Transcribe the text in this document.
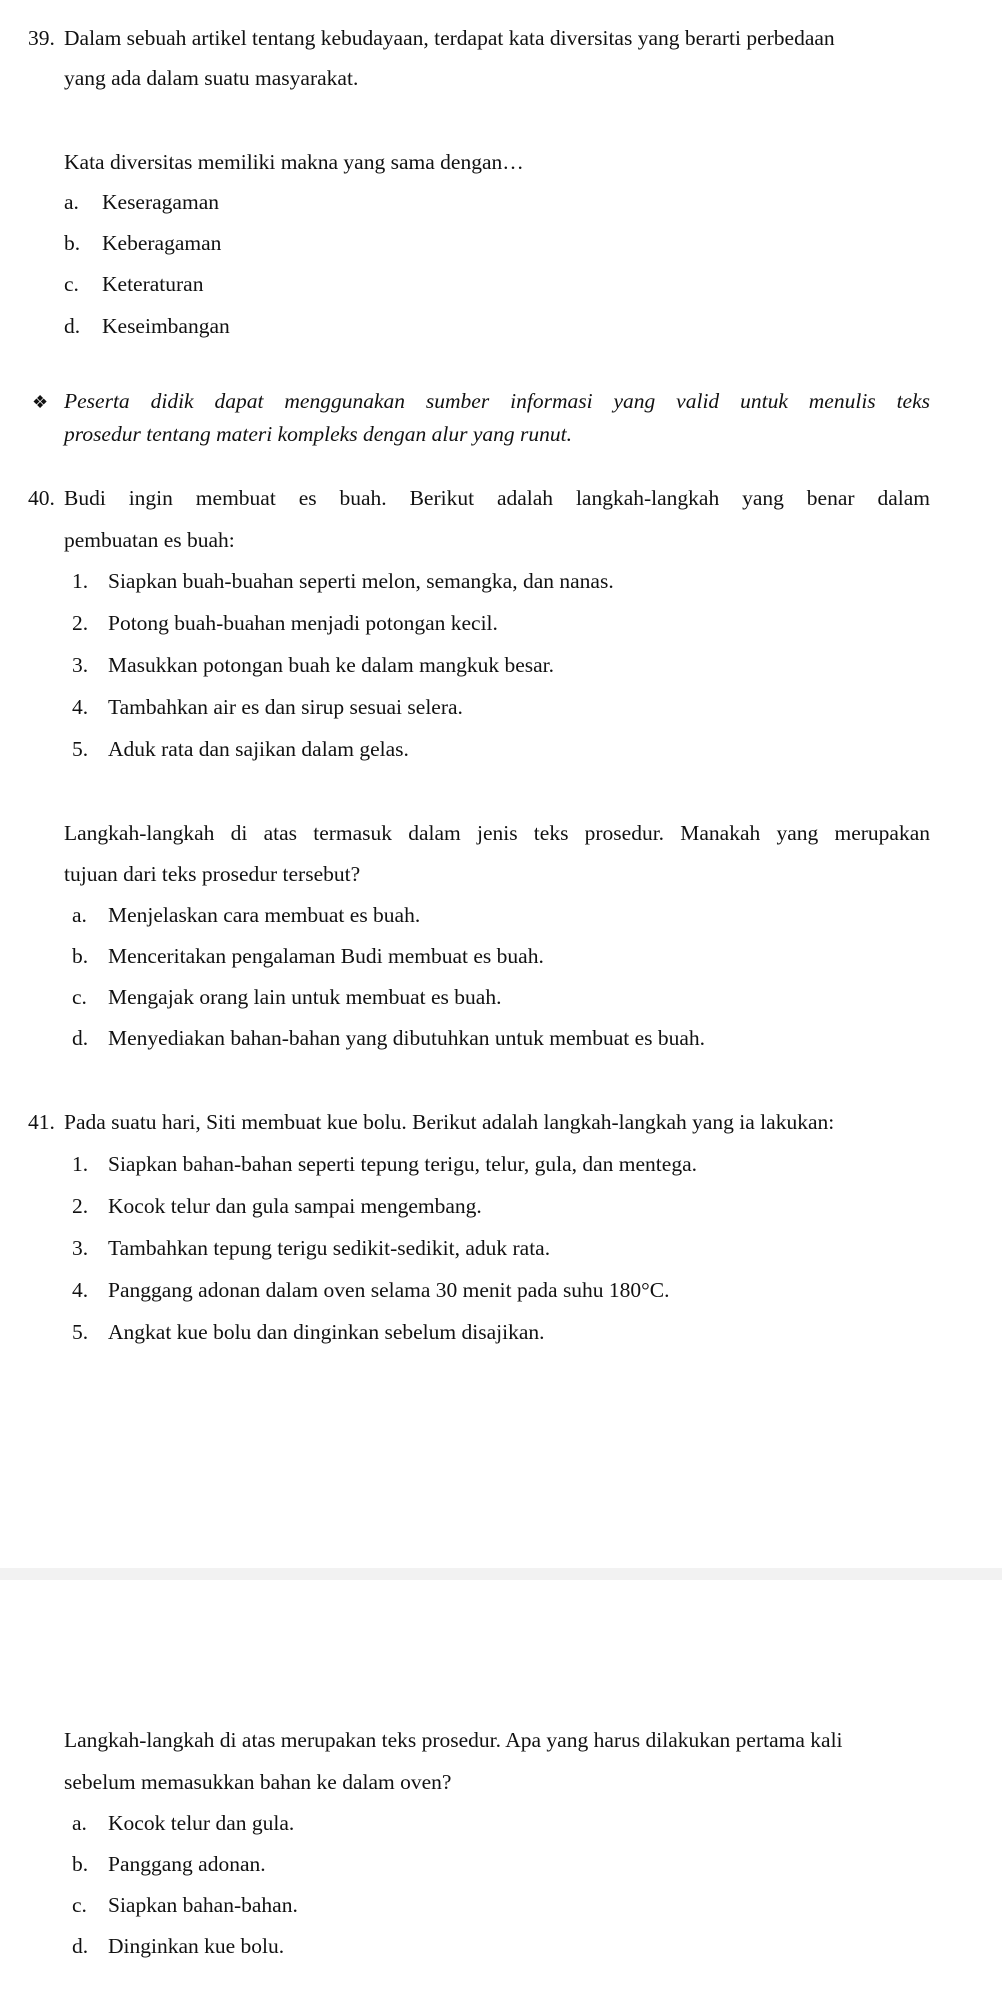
39. Dalam sebuah artikel tentang kebudayaan, terdapat kata diversitas yang berarti perbedaan
yang ada dalam suatu masyarakat.
Kata diversitas memiliki makna yang sama dengan…
a. Keseragaman
b. Keberagaman
c. Keteraturan
d. Keseimbangan
❖ Peserta didik dapat menggunakan sumber informasi yang valid untuk menulis teks
prosedur tentang materi kompleks dengan alur yang runut.
40. Budi ingin membuat es buah. Berikut adalah langkah-langkah yang benar dalam
pembuatan es buah:
1. Siapkan buah-buahan seperti melon, semangka, dan nanas.
2. Potong buah-buahan menjadi potongan kecil.
3. Masukkan potongan buah ke dalam mangkuk besar.
4. Tambahkan air es dan sirup sesuai selera.
5. Aduk rata dan sajikan dalam gelas.
Langkah-langkah di atas termasuk dalam jenis teks prosedur. Manakah yang merupakan
tujuan dari teks prosedur tersebut?
a. Menjelaskan cara membuat es buah.
b. Menceritakan pengalaman Budi membuat es buah.
c. Mengajak orang lain untuk membuat es buah.
d. Menyediakan bahan-bahan yang dibutuhkan untuk membuat es buah.
41. Pada suatu hari, Siti membuat kue bolu. Berikut adalah langkah-langkah yang ia lakukan:
1. Siapkan bahan-bahan seperti tepung terigu, telur, gula, dan mentega.
2. Kocok telur dan gula sampai mengembang.
3. Tambahkan tepung terigu sedikit-sedikit, aduk rata.
4. Panggang adonan dalam oven selama 30 menit pada suhu 180°C.
5. Angkat kue bolu dan dinginkan sebelum disajikan.
Langkah-langkah di atas merupakan teks prosedur. Apa yang harus dilakukan pertama kali
sebelum memasukkan bahan ke dalam oven?
a. Kocok telur dan gula.
b. Panggang adonan.
c. Siapkan bahan-bahan.
d. Dinginkan kue bolu.
